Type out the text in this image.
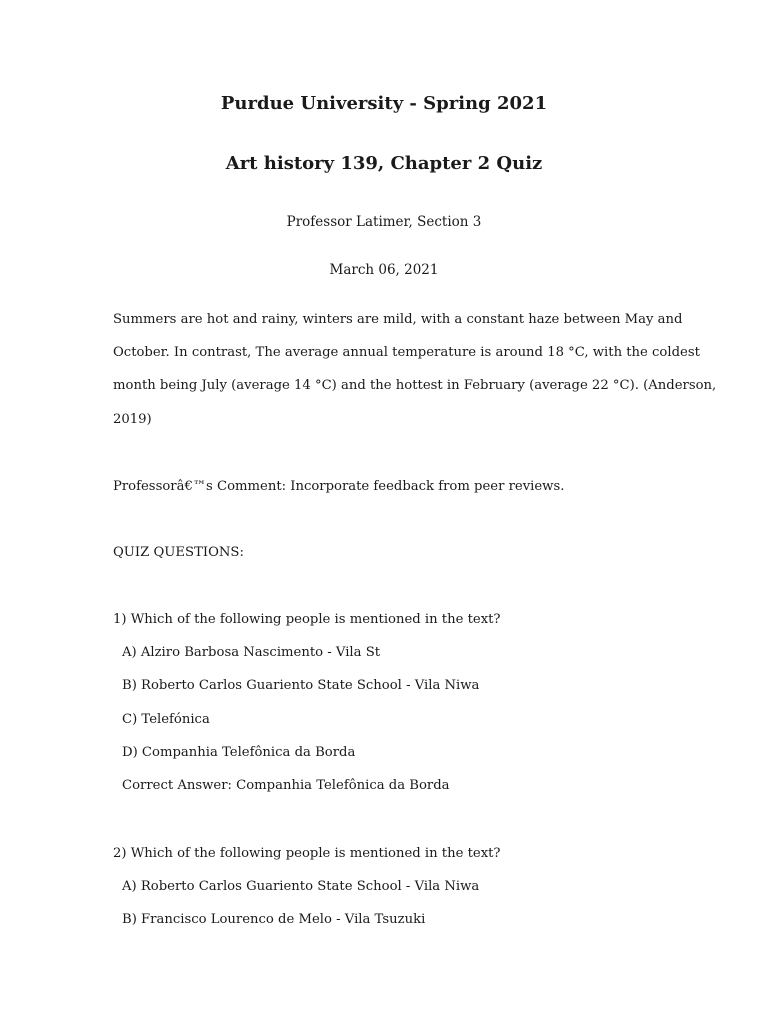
Purdue University - Spring 2021
Art history 139, Chapter 2 Quiz
Professor Latimer, Section 3
March 06, 2021
Summers are hot and rainy, winters are mild, with a constant haze between May and
October. In contrast, The average annual temperature is around 18 °C, with the coldest
month being July (average 14 °C) and the hottest in February (average 22 °C). (Anderson,
2019)
Professorâ€™s Comment: Incorporate feedback from peer reviews.
QUIZ QUESTIONS:
1) Which of the following people is mentioned in the text?
A) Alziro Barbosa Nascimento - Vila St
B) Roberto Carlos Guariento State School - Vila Niwa
C) Telefónica
D) Companhia Telefônica da Borda
Correct Answer: Companhia Telefônica da Borda
2) Which of the following people is mentioned in the text?
A) Roberto Carlos Guariento State School - Vila Niwa
B) Francisco Lourenco de Melo - Vila Tsuzuki
